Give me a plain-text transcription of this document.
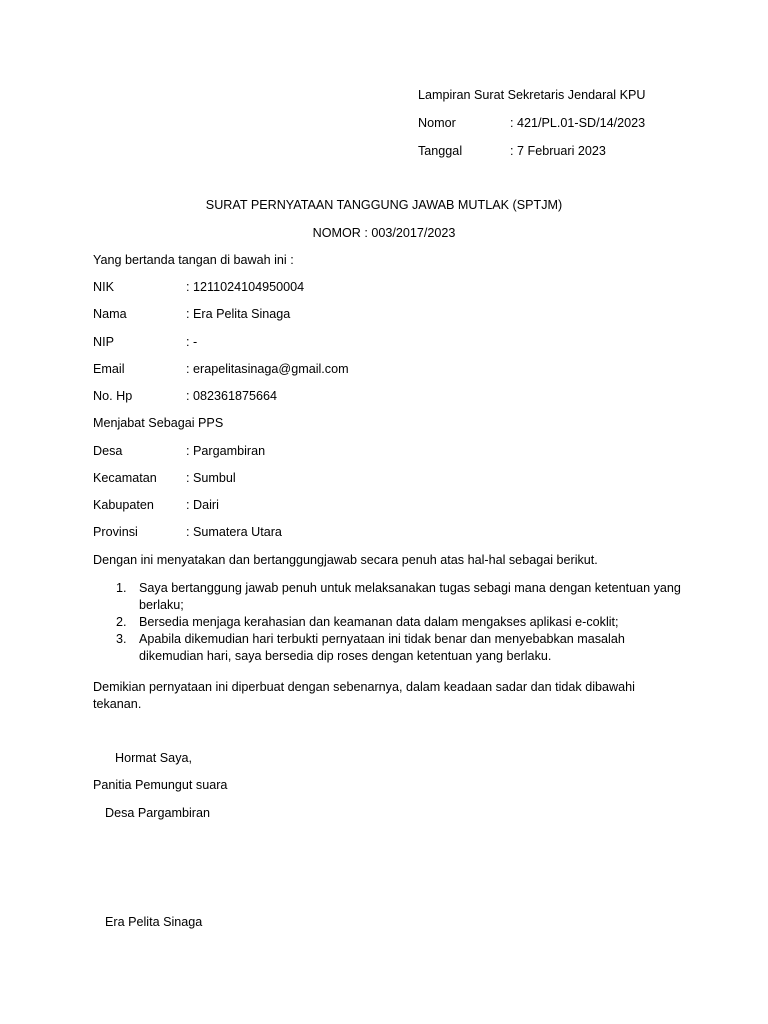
Lampiran Surat Sekretaris Jendaral KPU
Nomor	: 421/PL.01-SD/14/2023
Tanggal	: 7 Februari 2023
SURAT PERNYATAAN TANGGUNG JAWAB MUTLAK (SPTJM)
NOMOR : 003/2017/2023
Yang bertanda tangan di bawah ini :
NIK	: 1211024104950004
Nama	: Era Pelita Sinaga
NIP	: -
Email	: erapelitasinaga@gmail.com
No. Hp	: 082361875664
Menjabat Sebagai PPS
Desa	: Pargambiran
Kecamatan : Sumbul
Kabupaten	: Dairi
Provinsi	: Sumatera Utara
Dengan ini menyatakan dan bertanggungjawab secara penuh atas hal-hal sebagai berikut.
1. Saya bertanggung jawab penuh untuk melaksanakan tugas sebagi mana dengan ketentuan yang berlaku;
2. Bersedia menjaga kerahasian dan keamanan data dalam mengakses aplikasi e-coklit;
3. Apabila dikemudian hari terbukti pernyataan ini tidak benar dan menyebabkan masalah dikemudian hari, saya bersedia dip roses dengan ketentuan yang berlaku.
Demikian pernyataan ini diperbuat dengan sebenarnya, dalam keadaan sadar dan tidak dibawahi tekanan.
Hormat Saya,
Panitia Pemungut suara
Desa Pargambiran
Era Pelita Sinaga
